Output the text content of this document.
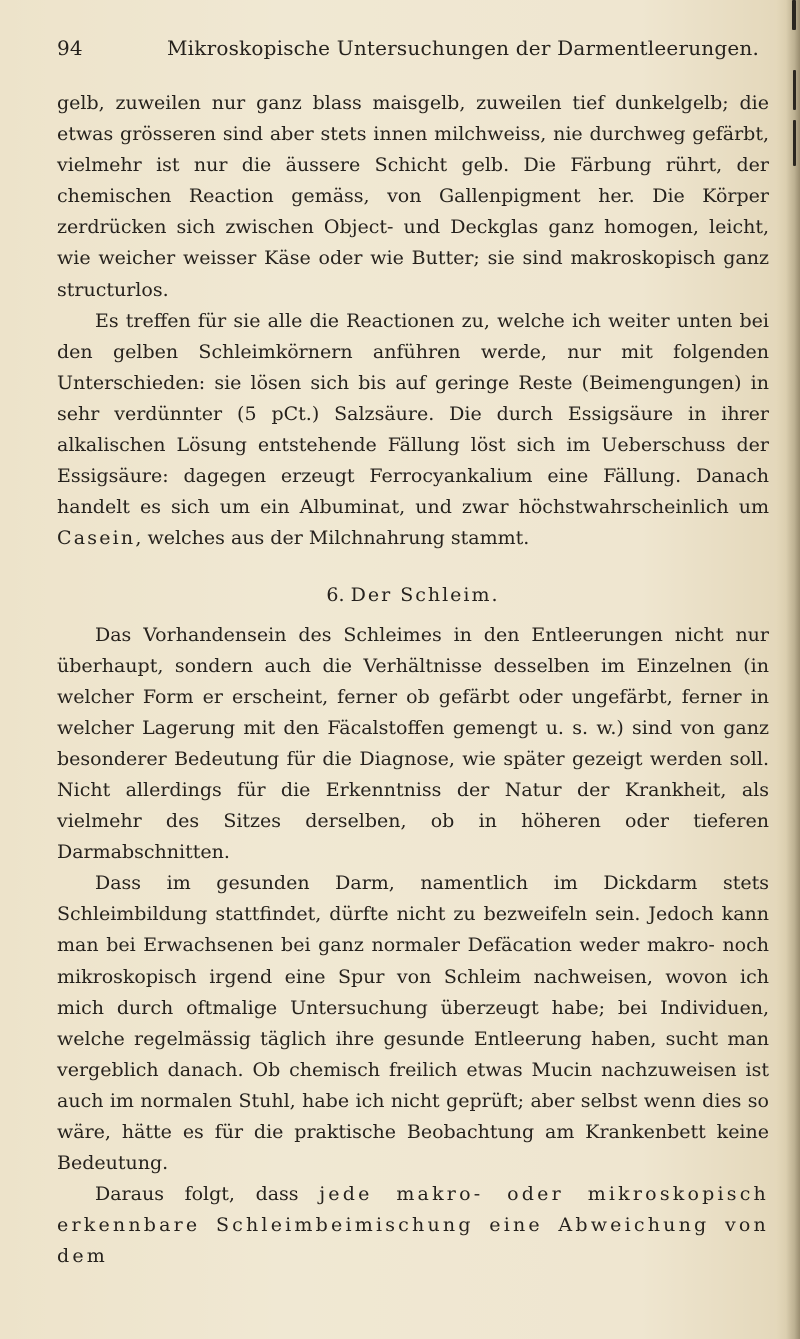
94	Mikroskopische Untersuchungen der Darmentleerungen.

gelb, zuweilen nur ganz blass maisgelb, zuweilen tief dunkelgelb; die etwas grösseren sind aber stets innen milchweiss, nie durchweg gefärbt, vielmehr ist nur die äussere Schicht gelb. Die Färbung rührt, der chemischen Reaction gemäss, von Gallenpigment her. Die Körper zerdrücken sich zwischen Object- und Deckglas ganz homogen, leicht, wie weicher weisser Käse oder wie Butter; sie sind makroskopisch ganz structurlos.

Es treffen für sie alle die Reactionen zu, welche ich weiter unten bei den gelben Schleimkörnern anführen werde, nur mit folgenden Unterschieden: sie lösen sich bis auf geringe Reste (Beimengungen) in sehr verdünnter (5 pCt.) Salzsäure. Die durch Essigsäure in ihrer alkalischen Lösung entstehende Fällung löst sich im Ueberschuss der Essigsäure: dagegen erzeugt Ferrocyankalium eine Fällung. Danach handelt es sich um ein Albuminat, und zwar höchstwahrscheinlich um Casein, welches aus der Milchnahrung stammt.

6. Der Schleim.

Das Vorhandensein des Schleimes in den Entleerungen nicht nur überhaupt, sondern auch die Verhältnisse desselben im Einzelnen (in welcher Form er erscheint, ferner ob gefärbt oder ungefärbt, ferner in welcher Lagerung mit den Fäcalstoffen gemengt u. s. w.) sind von ganz besonderer Bedeutung für die Diagnose, wie später gezeigt werden soll. Nicht allerdings für die Erkenntniss der Natur der Krankheit, als vielmehr des Sitzes derselben, ob in höheren oder tieferen Darmabschnitten.

Dass im gesunden Darm, namentlich im Dickdarm stets Schleimbildung stattfindet, dürfte nicht zu bezweifeln sein. Jedoch kann man bei Erwachsenen bei ganz normaler Defäcation weder makro- noch mikroskopisch irgend eine Spur von Schleim nachweisen, wovon ich mich durch oftmalige Untersuchung überzeugt habe; bei Individuen, welche regelmässig täglich ihre gesunde Entleerung haben, sucht man vergeblich danach. Ob chemisch freilich etwas Mucin nachzuweisen ist auch im normalen Stuhl, habe ich nicht geprüft; aber selbst wenn dies so wäre, hätte es für die praktische Beobachtung am Krankenbett keine Bedeutung.

Daraus folgt, dass jede makro- oder mikroskopisch erkennbare Schleimbeimischung eine Abweichung von dem
